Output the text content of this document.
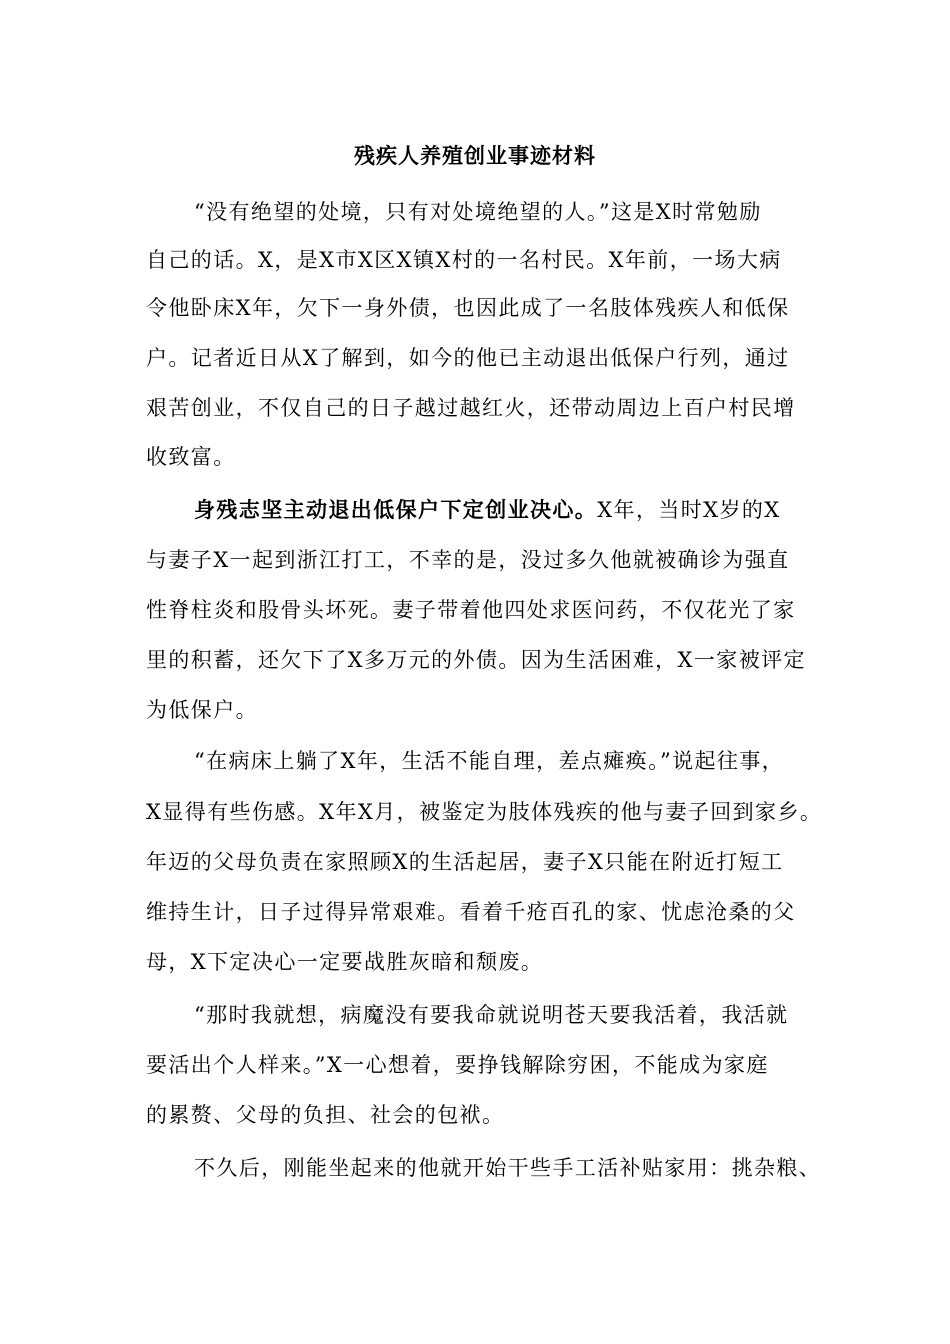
残疾人养殖创业事迹材料
“没有绝望的处境，只有对处境绝望的人。”这是X时常勉励
自己的话。X，是X市X区X镇X村的一名村民。X年前，一场大病
令他卧床X年，欠下一身外债，也因此成了一名肢体残疾人和低保
户。记者近日从X了解到，如今的他已主动退出低保户行列，通过
艰苦创业，不仅自己的日子越过越红火，还带动周边上百户村民增
收致富。
身残志坚主动退出低保户下定创业决心。X年，当时X岁的X
与妻子X一起到浙江打工，不幸的是，没过多久他就被确诊为强直
性脊柱炎和股骨头坏死。妻子带着他四处求医问药，不仅花光了家
里的积蓄，还欠下了X多万元的外债。因为生活困难，X一家被评定
为低保户。
“在病床上躺了X年，生活不能自理，差点瘫痪。”说起往事，
X显得有些伤感。X年X月，被鉴定为肢体残疾的他与妻子回到家乡。
年迈的父母负责在家照顾X的生活起居，妻子X只能在附近打短工
维持生计，日子过得异常艰难。看着千疮百孔的家、忧虑沧桑的父
母，X下定决心一定要战胜灰暗和颓废。
“那时我就想，病魔没有要我命就说明苍天要我活着，我活就
要活出个人样来。”X一心想着，要挣钱解除穷困，不能成为家庭
的累赘、父母的负担、社会的包袱。
不久后，刚能坐起来的他就开始干些手工活补贴家用：挑杂粮、
